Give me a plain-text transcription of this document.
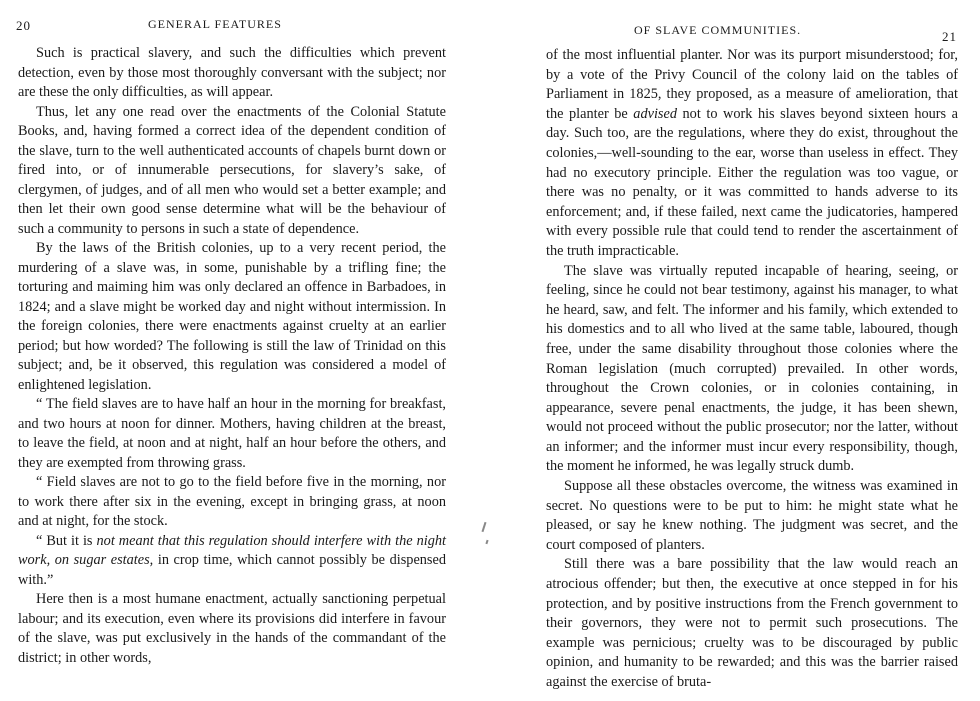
20	GENERAL FEATURES

Such is practical slavery, and such the difficulties which prevent detection, even by those most thoroughly conversant with the subject; nor are these the only difficulties, as will appear.

Thus, let any one read over the enactments of the Colonial Statute Books, and, having formed a correct idea of the dependent condition of the slave, turn to the well authenticated accounts of chapels burnt down or fired into, or of innumerable persecutions, for slavery’s sake, of clergymen, of judges, and of all men who would set a better example; and then let their own good sense determine what will be the behaviour of such a community to persons in such a state of dependence.

By the laws of the British colonies, up to a very recent period, the murdering of a slave was, in some, punishable by a trifling fine; the torturing and maiming him was only declared an offence in Barbadoes, in 1824; and a slave might be worked day and night without intermission. In the foreign colonies, there were enactments against cruelty at an earlier period; but how worded? The following is still the law of Trinidad on this subject; and, be it observed, this regulation was considered a model of enlightened legislation.

“ The field slaves are to have half an hour in the morning for breakfast, and two hours at noon for dinner. Mothers, having children at the breast, to leave the field, at noon and at night, half an hour before the others, and they are exempted from throwing grass.

“ Field slaves are not to go to the field before five in the morning, nor to work there after six in the evening, except in bringing grass, at noon and at night, for the stock.

“ But it is not meant that this regulation should interfere with the night work, on sugar estates, in crop time, which cannot possibly be dispensed with.”

Here then is a most humane enactment, actually sanctioning perpetual labour; and its execution, even where its provisions did interfere in favour of the slave, was put exclusively in the hands of the commandant of the district; in other words,

OF SLAVE COMMUNITIES.	21

of the most influential planter. Nor was its purport misunderstood; for, by a vote of the Privy Council of the colony laid on the tables of Parliament in 1825, they proposed, as a measure of amelioration, that the planter be advised not to work his slaves beyond sixteen hours a day. Such too, are the regulations, where they do exist, throughout the colonies,—well-sounding to the ear, worse than useless in effect. They had no executory principle. Either the regulation was too vague, or there was no penalty, or it was committed to hands adverse to its enforcement; and, if these failed, next came the judicatories, hampered with every possible rule that could tend to render the ascertainment of the truth impracticable.

The slave was virtually reputed incapable of hearing, seeing, or feeling, since he could not bear testimony, against his manager, to what he heard, saw, and felt. The informer and his family, which extended to his domestics and to all who lived at the same table, laboured, though free, under the same disability throughout those colonies where the Roman legislation (much corrupted) prevailed. In other words, throughout the Crown colonies, or in colonies containing, in appearance, severe penal enactments, the judge, it has been shewn, would not proceed without the public prosecutor; nor the latter, without an informer; and the informer must incur every responsibility, though, the moment he informed, he was legally struck dumb.

Suppose all these obstacles overcome, the witness was examined in secret. No questions were to be put to him: he might state what he pleased, or say he knew nothing. The judgment was secret, and the court composed of planters.

Still there was a bare possibility that the law would reach an atrocious offender; but then, the executive at once stepped in for his protection, and by positive instructions from the French government to their governors, they were not to permit such prosecutions. The example was pernicious; cruelty was to be discouraged by public opinion, and humanity to be rewarded; and this was the barrier raised against the exercise of bruta-
